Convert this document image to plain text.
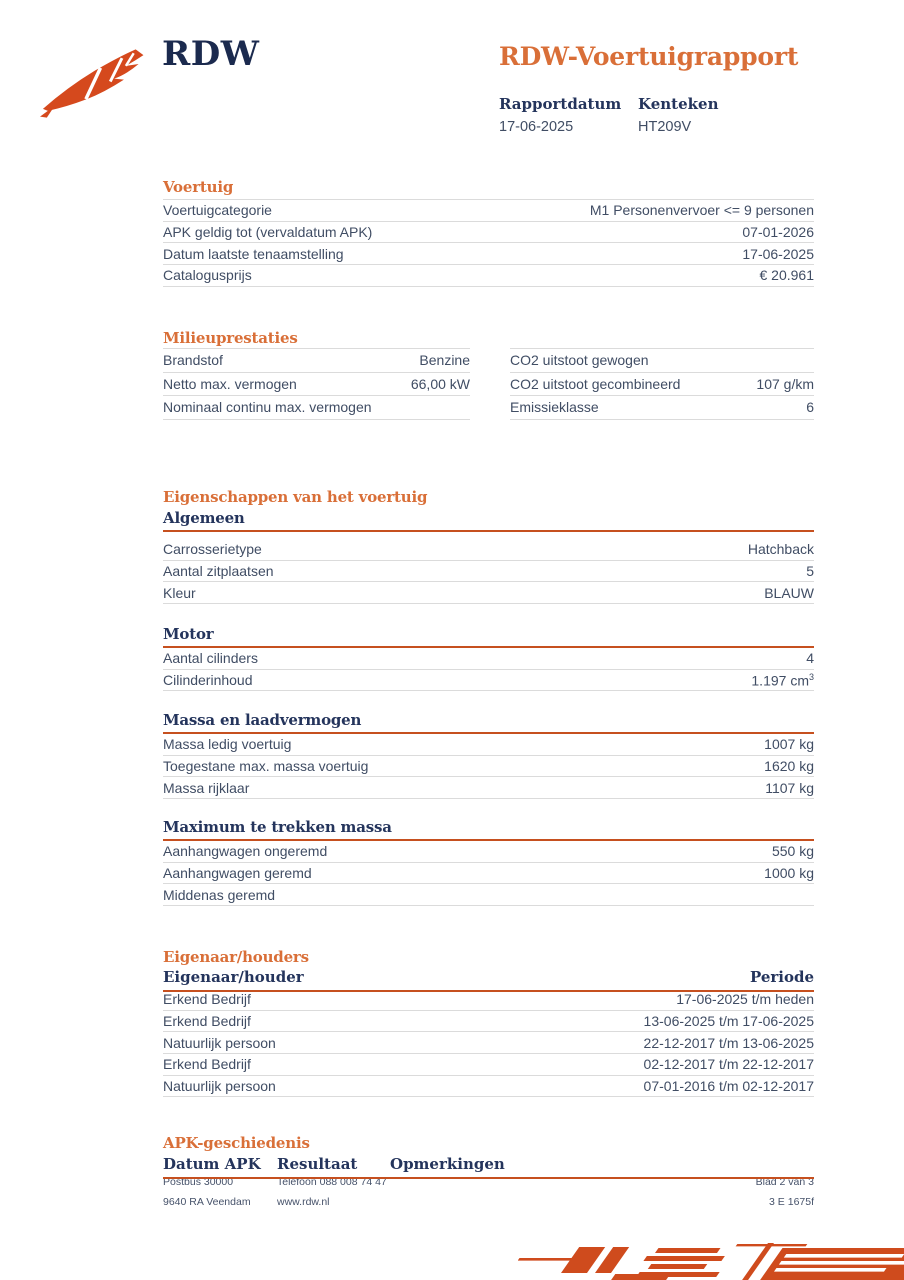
RDW	RDW-Voertuigrapport
Rapportdatum
17-06-2025
Kenteken
HT209V
Voertuig
Voertuigcategorie	M1 Personenvervoer <= 9 personen
APK geldig tot (vervaldatum APK)	07-01-2026
Datum laatste tenaamstelling	17-06-2025
Catalogusprijs	€ 20.961
Milieuprestaties
Brandstof	Benzine
Netto max. vermogen	66,00 kW
Nominaal continu max. vermogen
CO2 uitstoot gewogen
CO2 uitstoot gecombineerd	107 g/km
Emissieklasse	6
Eigenschappen van het voertuig
Algemeen
Carrosserietype	Hatchback
Aantal zitplaatsen	5
Kleur	BLAUW
Motor
Aantal cilinders	4
Cilinderinhoud	1.197 $cm^3$
Massa en laadvermogen
Massa ledig voertuig	1007 kg
Toegestane max. massa voertuig	1620 kg
Massa rijklaar	1107 kg
Maximum te trekken massa
Aanhangwagen ongeremd	550 kg
Aanhangwagen geremd	1000 kg
Middenas geremd
Eigenaar/houders
Eigenaar/houder	Periode
Erkend Bedrijf	17-06-2025 t/m heden
Erkend Bedrijf	13-06-2025 t/m 17-06-2025
Natuurlijk persoon	22-12-2017 t/m 13-06-2025
Erkend Bedrijf	02-12-2017 t/m 22-12-2017
Natuurlijk persoon	07-01-2016 t/m 02-12-2017
APK-geschiedenis
Datum APK	Resultaat	Opmerkingen
Postbus 30000	Telefoon 088 008 74 47	Blad 2 van 3
9640 RA Veendam	www.rdw.nl	3 E 1675f
